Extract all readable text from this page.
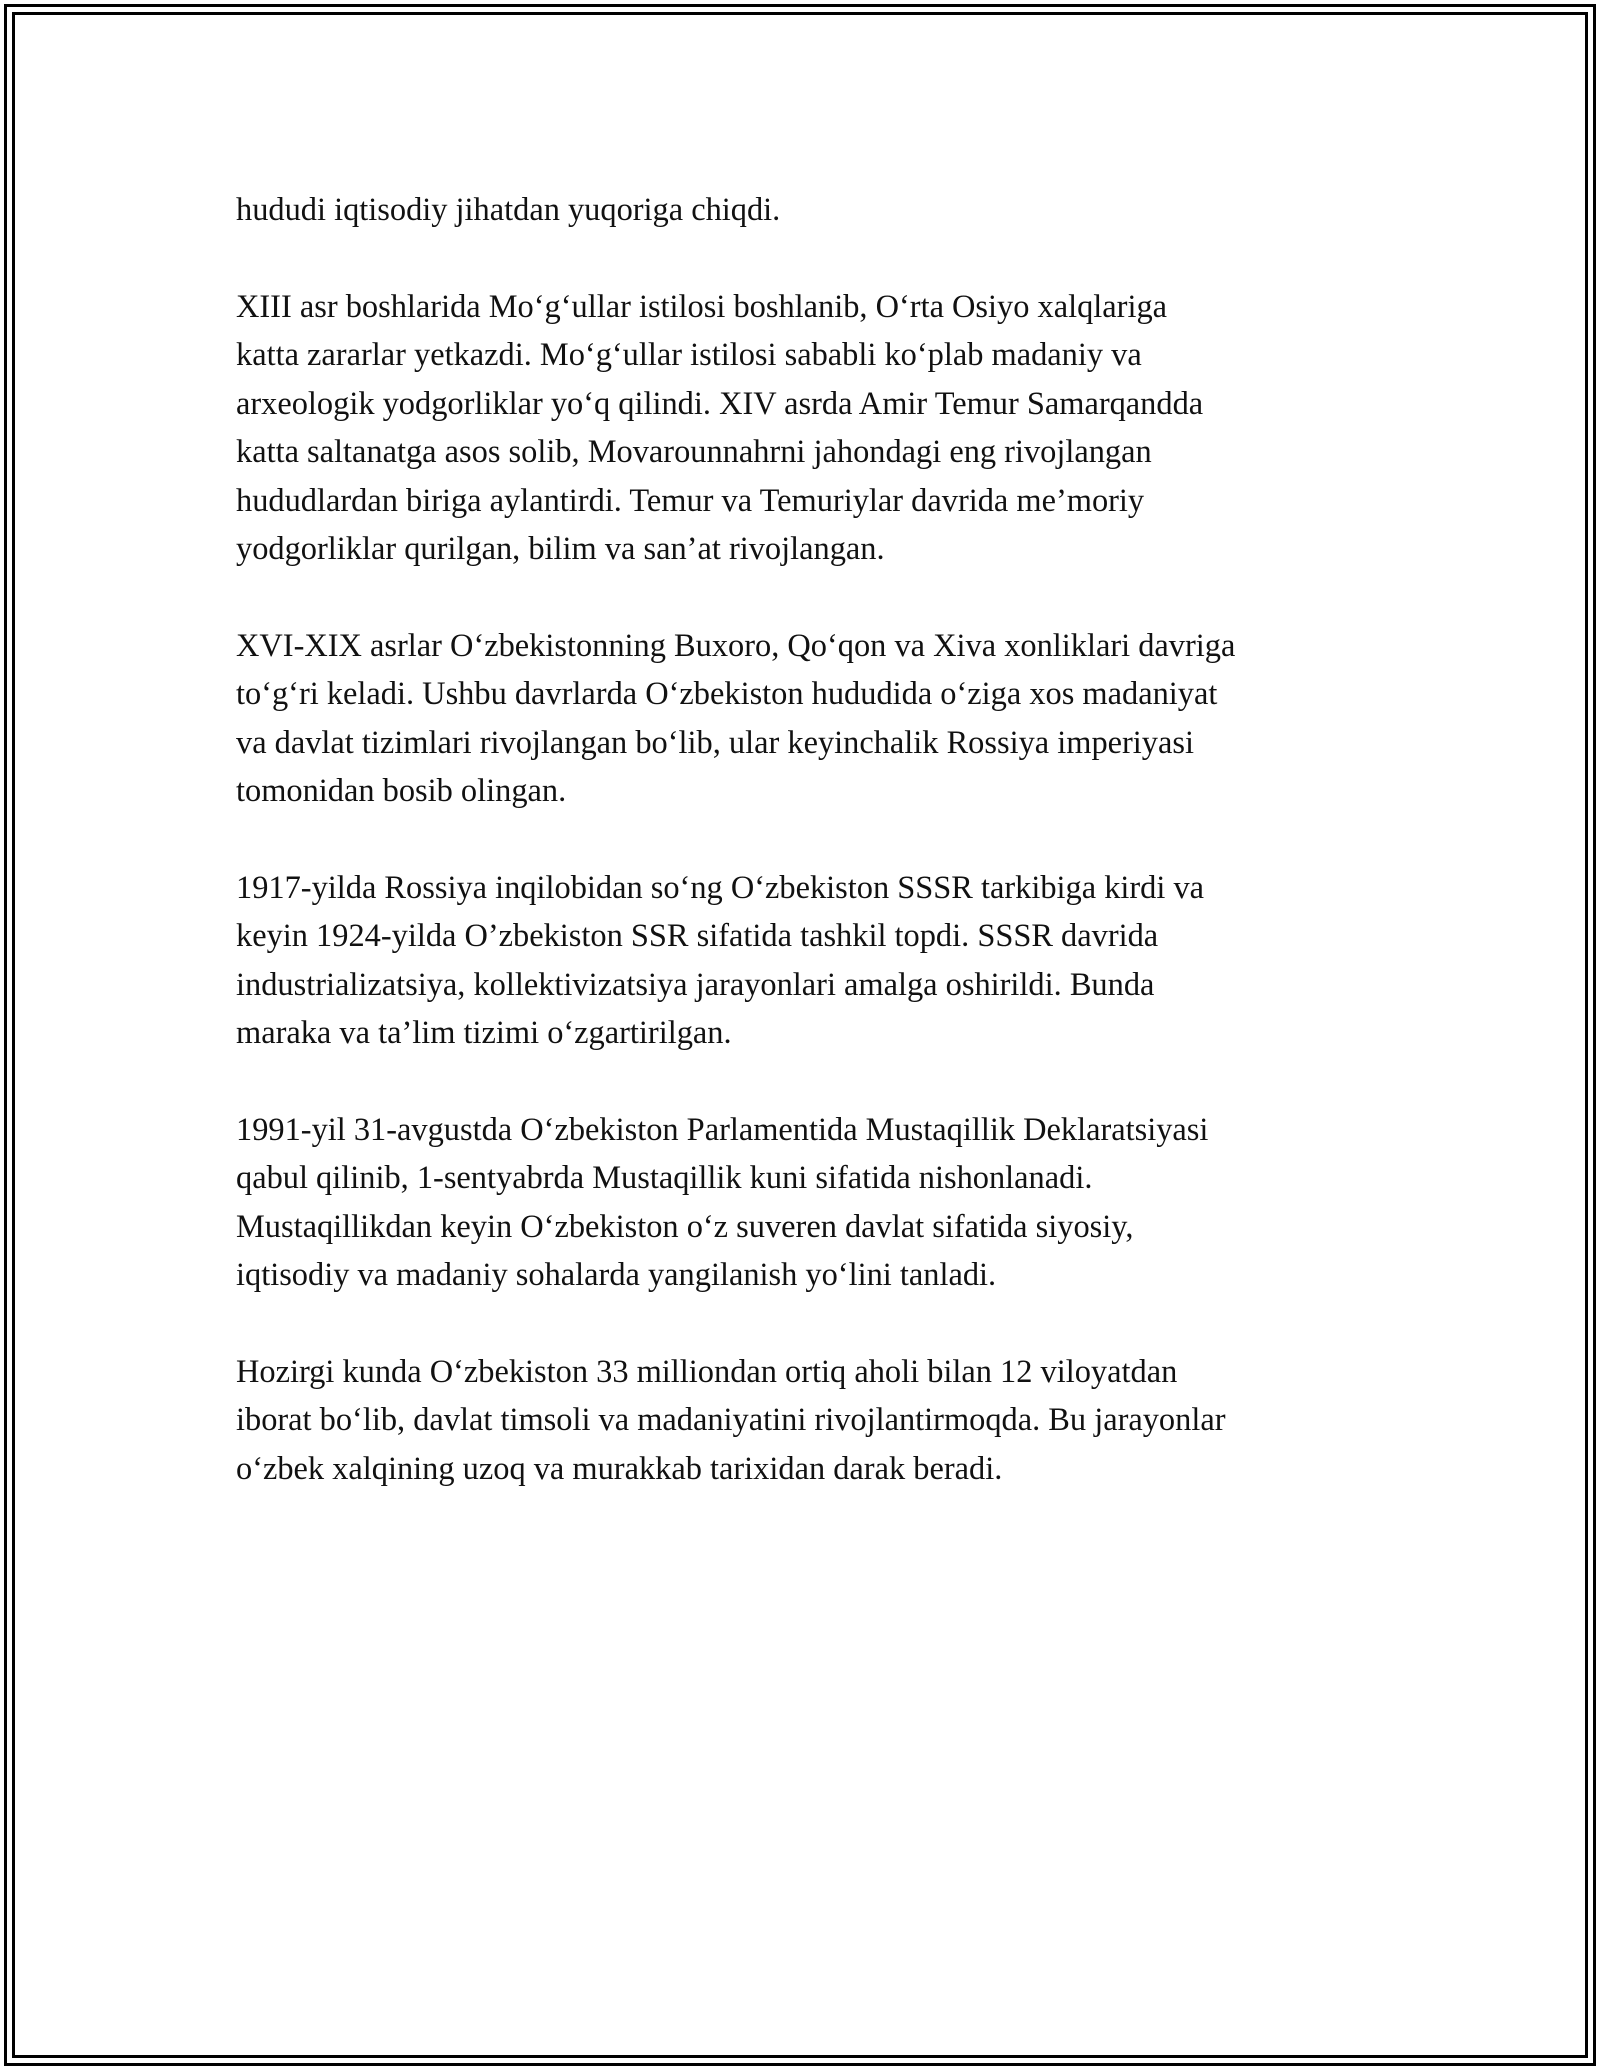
hududi iqtisodiy jihatdan yuqoriga chiqdi.

XIII asr boshlarida Mo‘g‘ullar istilosi boshlanib, O‘rta Osiyo xalqlariga
katta zararlar yetkazdi. Mo‘g‘ullar istilosi sababli ko‘plab madaniy va
arxeologik yodgorliklar yo‘q qilindi. XIV asrda Amir Temur Samarqandda
katta saltanatga asos solib, Movarounnahrni jahondagi eng rivojlangan
hududlardan biriga aylantirdi. Temur va Temuriylar davrida me’moriy
yodgorliklar qurilgan, bilim va san’at rivojlangan.

XVI-XIX asrlar O‘zbekistonning Buxoro, Qo‘qon va Xiva xonliklari davriga
to‘g‘ri keladi. Ushbu davrlarda O‘zbekiston hududida o‘ziga xos madaniyat
va davlat tizimlari rivojlangan bo‘lib, ular keyinchalik Rossiya imperiyasi
tomonidan bosib olingan.

1917-yilda Rossiya inqilobidan so‘ng O‘zbekiston SSSR tarkibiga kirdi va
keyin 1924-yilda O’zbekiston SSR sifatida tashkil topdi. SSSR davrida
industrializatsiya, kollektivizatsiya jarayonlari amalga oshirildi. Bunda
maraka va ta’lim tizimi o‘zgartirilgan.

1991-yil 31-avgustda O‘zbekiston Parlamentida Mustaqillik Deklaratsiyasi
qabul qilinib, 1-sentyabrda Mustaqillik kuni sifatida nishonlanadi.
Mustaqillikdan keyin O‘zbekiston o‘z suveren davlat sifatida siyosiy,
iqtisodiy va madaniy sohalarda yangilanish yo‘lini tanladi.

Hozirgi kunda O‘zbekiston 33 milliondan ortiq aholi bilan 12 viloyatdan
iborat bo‘lib, davlat timsoli va madaniyatini rivojlantirmoqda. Bu jarayonlar
o‘zbek xalqining uzoq va murakkab tarixidan darak beradi.
